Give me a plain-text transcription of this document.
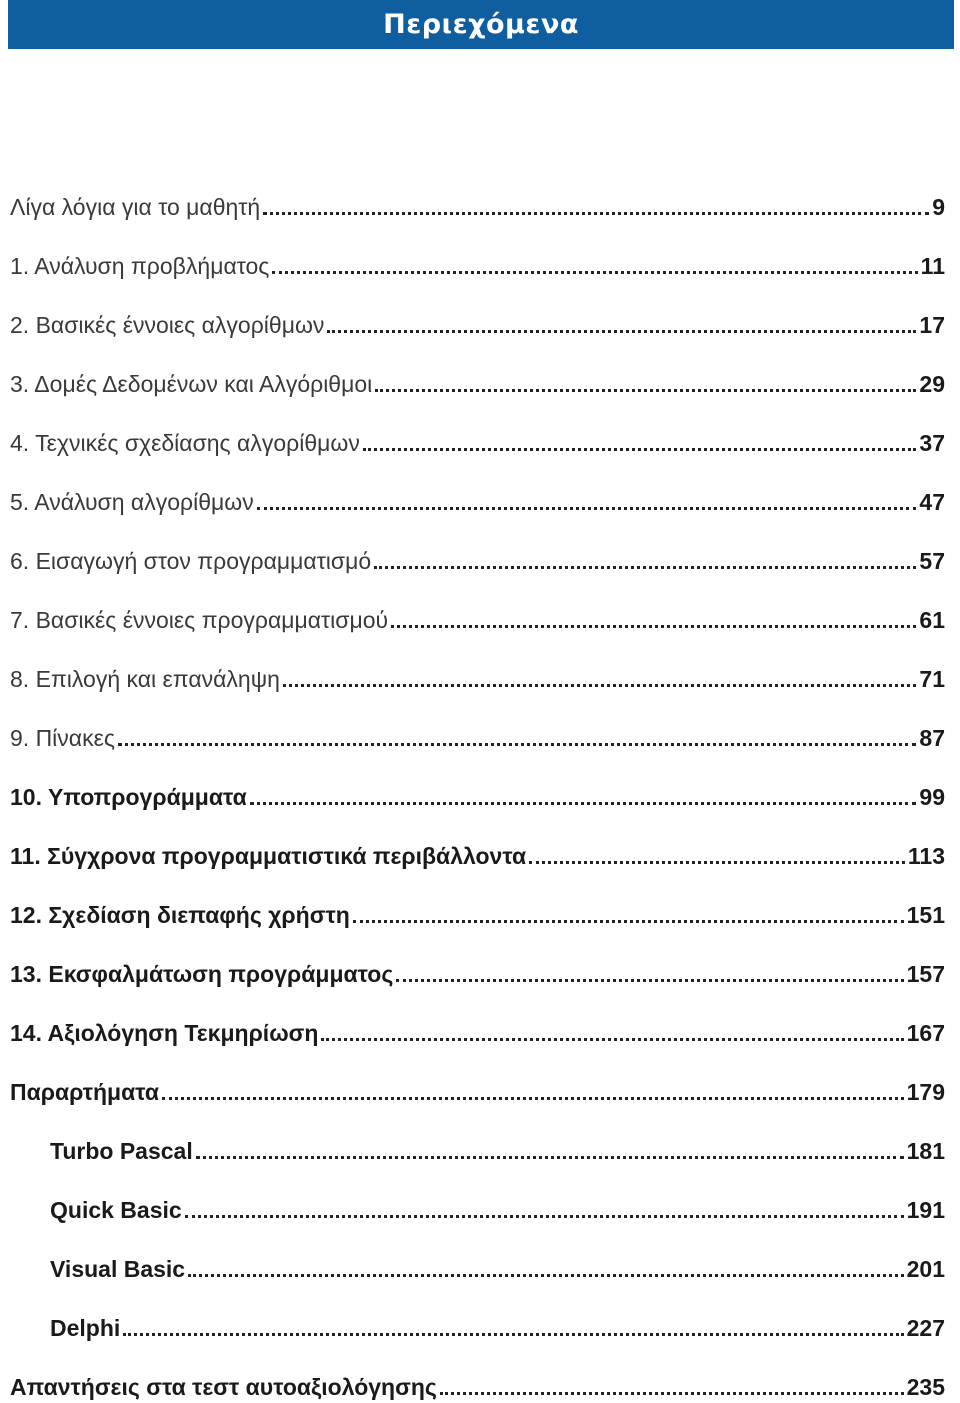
Περιεχόμενα
Λίγα λόγια για το μαθητή	9
1. Ανάλυση προβλήματος	11
2. Βασικές έννοιες αλγορίθμων	17
3. Δομές Δεδομένων και Αλγόριθμοι	29
4. Τεχνικές σχεδίασης αλγορίθμων	37
5. Ανάλυση αλγορίθμων	47
6. Εισαγωγή στον προγραμματισμό	57
7. Βασικές έννοιες προγραμματισμού	61
8. Επιλογή και επανάληψη	71
9. Πίνακες	87
10. Υποπρογράμματα	99
11. Σύγχρονα προγραμματιστικά περιβάλλοντα	113
12. Σχεδίαση διεπαφής χρήστη	151
13. Εκσφαλμάτωση προγράμματος	157
14. Αξιολόγηση Τεκμηρίωση	167
Παραρτήματα	179
Turbo Pascal	181
Quick Basic	191
Visual Basic	201
Delphi	227
Απαντήσεις στα τεστ αυτοαξιολόγησης	235
